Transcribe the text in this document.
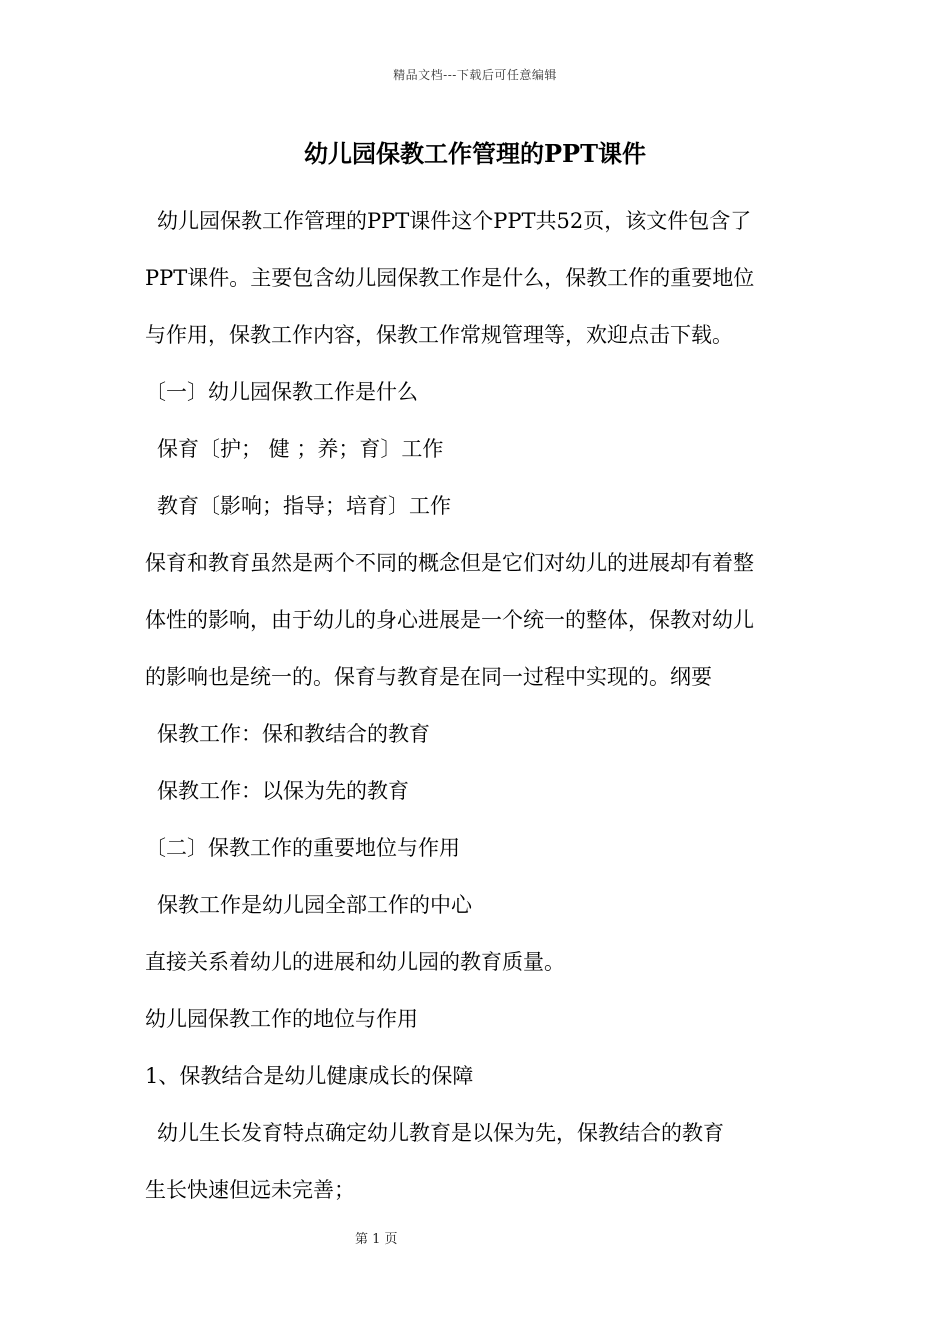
精品文档---下载后可任意编辑
幼儿园保教工作管理的PPT课件
幼儿园保教工作管理的PPT课件这个PPT共52页，该文件包含了
PPT课件。主要包含幼儿园保教工作是什么，保教工作的重要地位
与作用，保教工作内容，保教工作常规管理等，欢迎点击下载。
〔一〕幼儿园保教工作是什么
保育〔护； 健 ；养；育〕工作
教育〔影响；指导；培育〕工作
保育和教育虽然是两个不同的概念但是它们对幼儿的进展却有着整
体性的影响，由于幼儿的身心进展是一个统一的整体，保教对幼儿
的影响也是统一的。保育与教育是在同一过程中实现的。纲要
保教工作：保和教结合的教育
保教工作：以保为先的教育
〔二〕保教工作的重要地位与作用
保教工作是幼儿园全部工作的中心
直接关系着幼儿的进展和幼儿园的教育质量。
幼儿园保教工作的地位与作用
1、保教结合是幼儿健康成长的保障
幼儿生长发育特点确定幼儿教育是以保为先，保教结合的教育
生长快速但远未完善；
第 1 页
